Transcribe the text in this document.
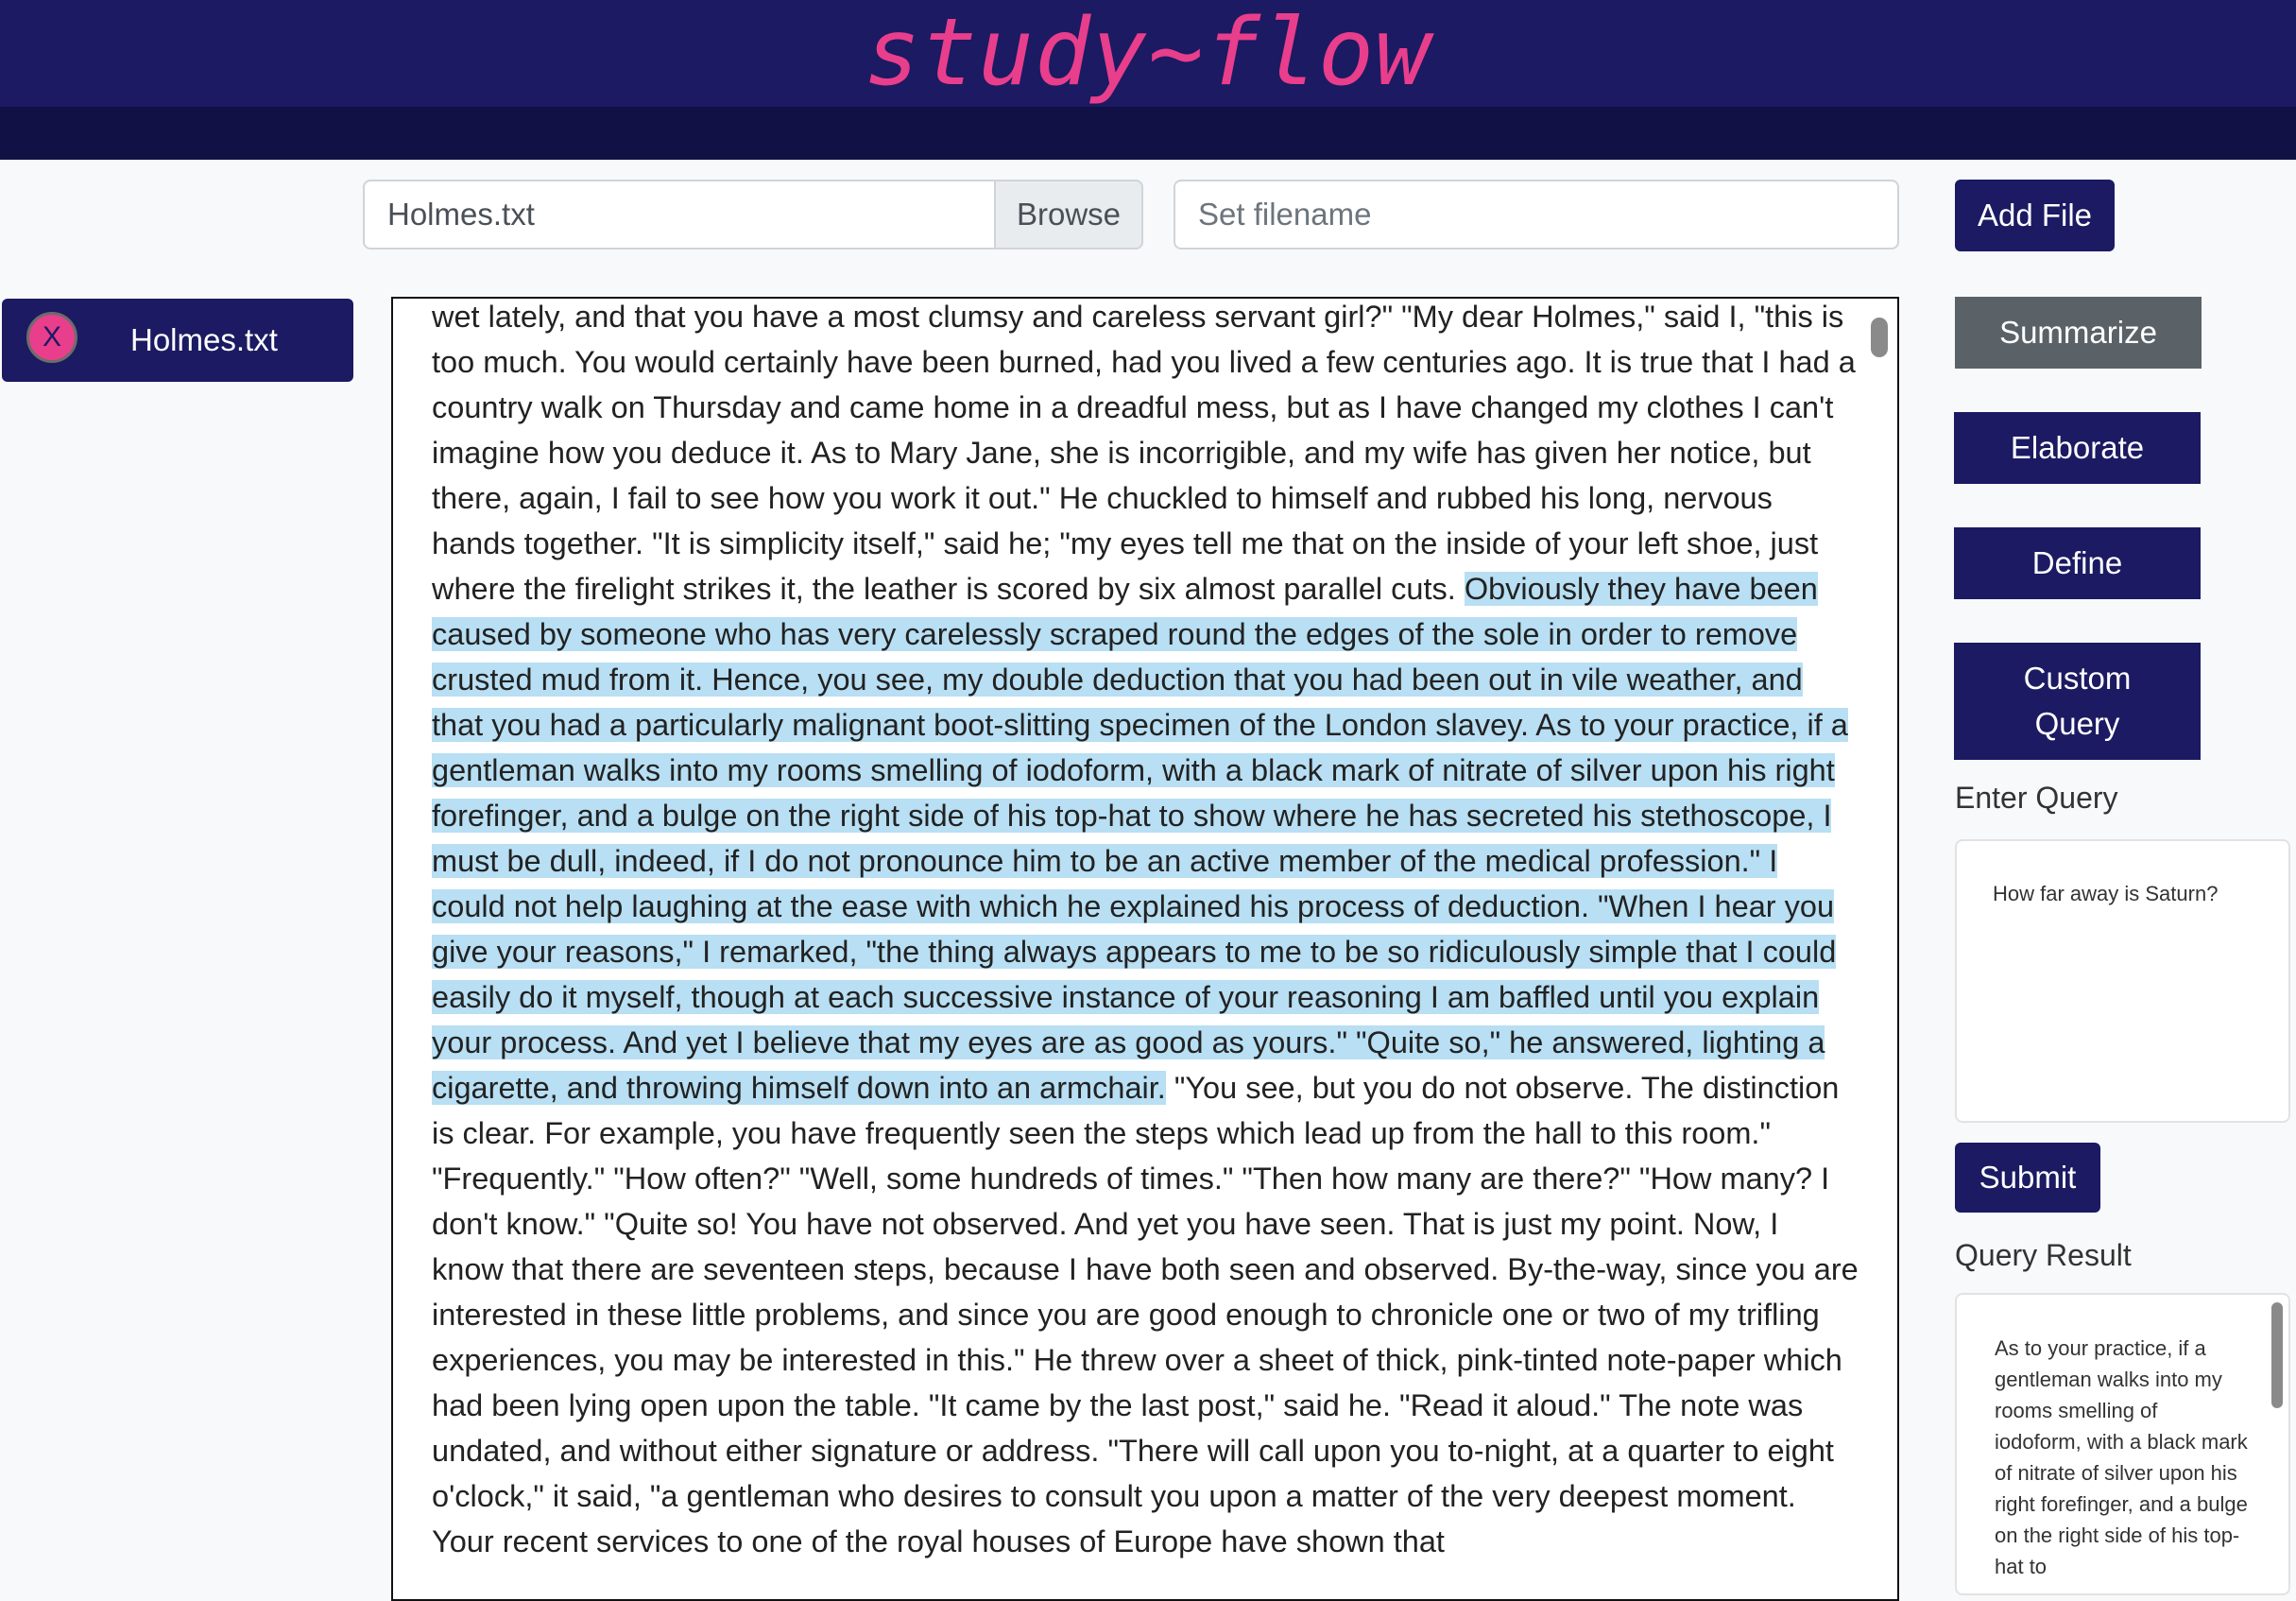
study~flow
Holmes.txt	Browse
Set filename	Add File
X	Holmes.txt
wet lately, and that you have a most clumsy and careless servant girl?" "My dear Holmes," said I, "this is too much. You would certainly have been burned, had you lived a few centuries ago. It is true that I had a country walk on Thursday and came home in a dreadful mess, but as I have changed my clothes I can't imagine how you deduce it. As to Mary Jane, she is incorrigible, and my wife has given her notice, but there, again, I fail to see how you work it out." He chuckled to himself and rubbed his long, nervous hands together. "It is simplicity itself," said he; "my eyes tell me that on the inside of your left shoe, just where the firelight strikes it, the leather is scored by six almost parallel cuts. Obviously they have been caused by someone who has very carelessly scraped round the edges of the sole in order to remove crusted mud from it. Hence, you see, my double deduction that you had been out in vile weather, and that you had a particularly malignant boot-slitting specimen of the London slavey. As to your practice, if a gentleman walks into my rooms smelling of iodoform, with a black mark of nitrate of silver upon his right forefinger, and a bulge on the right side of his top-hat to show where he has secreted his stethoscope, I must be dull, indeed, if I do not pronounce him to be an active member of the medical profession." I could not help laughing at the ease with which he explained his process of deduction. "When I hear you give your reasons," I remarked, "the thing always appears to me to be so ridiculously simple that I could easily do it myself, though at each successive instance of your reasoning I am baffled until you explain your process. And yet I believe that my eyes are as good as yours." "Quite so," he answered, lighting a cigarette, and throwing himself down into an armchair. "You see, but you do not observe. The distinction is clear. For example, you have frequently seen the steps which lead up from the hall to this room." "Frequently." "How often?" "Well, some hundreds of times." "Then how many are there?" "How many? I don't know." "Quite so! You have not observed. And yet you have seen. That is just my point. Now, I know that there are seventeen steps, because I have both seen and observed. By-the-way, since you are interested in these little problems, and since you are good enough to chronicle one or two of my trifling experiences, you may be interested in this." He threw over a sheet of thick, pink-tinted note-paper which had been lying open upon the table. "It came by the last post," said he. "Read it aloud." The note was undated, and without either signature or address. "There will call upon you to-night, at a quarter to eight o'clock," it said, "a gentleman who desires to consult you upon a matter of the very deepest moment. Your recent services to one of the royal houses of Europe have shown that
Summarize
Elaborate
Define
Custom
Query
Enter Query
How far away is Saturn?
Submit
Query Result
As to your practice, if a gentleman walks into my rooms smelling of iodoform, with a black mark of nitrate of silver upon his right forefinger, and a bulge on the right side of his top-hat to
